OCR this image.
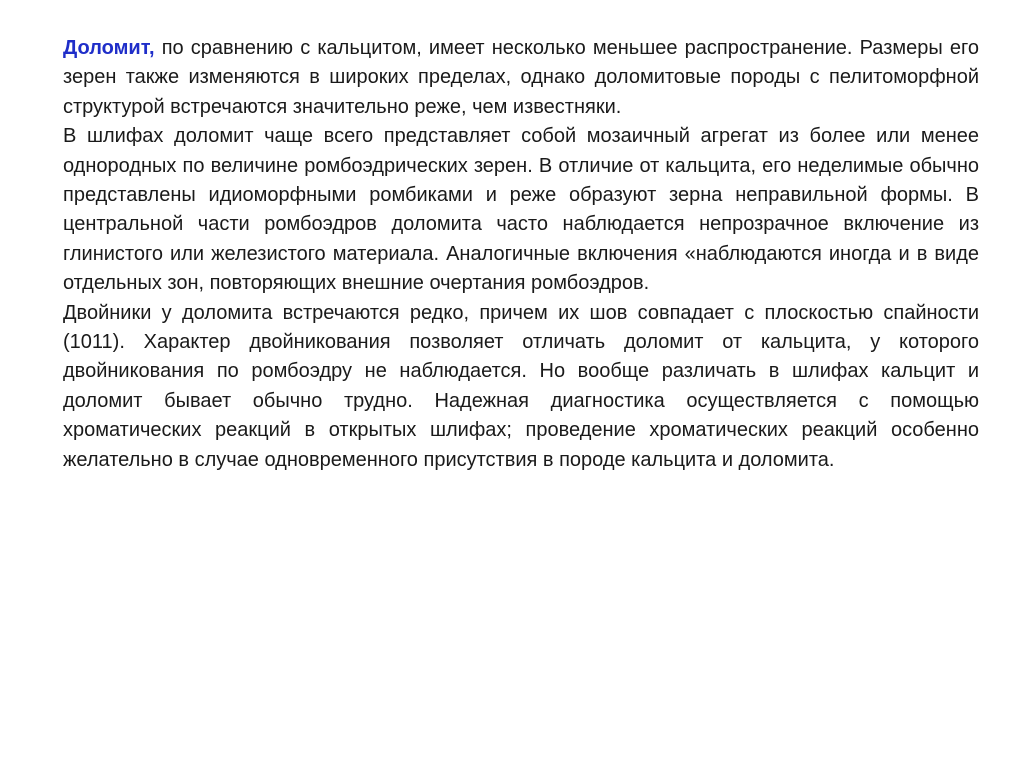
Доломит, по сравнению с кальцитом, имеет несколько меньшее распространение. Размеры его зерен также изменяются в широких пределах, однако доломитовые породы с пелитоморфной структурой встречаются значительно реже, чем известняки.

В шлифах доломит чаще всего представляет собой мозаичный агрегат из более или менее однородных по величине ромбоэдрических зерен. В отличие от кальцита, его неделимые обычно представлены идиоморфными ромбиками и реже образуют зерна неправильной формы. В центральной части ромбоэдров доломита часто наблюдается непрозрачное включение из глинистого или железистого материала. Аналогичные включения «наблюдаются иногда и в виде отдельных зон, повторяющих внешние очертания ромбоэдров.

Двойники у доломита встречаются редко, причем их шов совпадает с плоскостью спайности (1011). Характер двойникования позволяет отличать доломит от кальцита, у которого двойникования по ромбоэдру не наблюдается. Но вообще различать в шлифах кальцит и доломит бывает обычно трудно. Надежная диагностика осуществляется с помощью хроматических реакций в открытых шлифах; проведение хроматических реакций особенно желательно в случае одновременного присутствия в породе кальцита и доломита.
